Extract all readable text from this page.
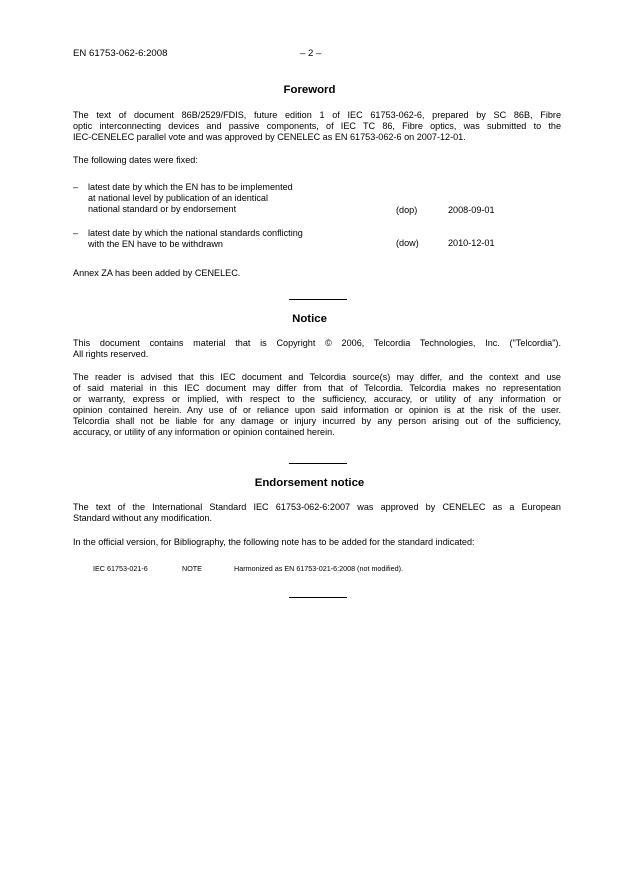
EN 61753-062-6:2008	– 2 –
Foreword
The text of document 86B/2529/FDIS, future edition 1 of IEC 61753-062-6, prepared by SC 86B, Fibre
optic interconnecting devices and passive components, of IEC TC 86, Fibre optics, was submitted to the
IEC-CENELEC parallel vote and was approved by CENELEC as EN 61753-062-6 on 2007-12-01.
The following dates were fixed:
– latest date by which the EN has to be implemented
at national level by publication of an identical
national standard or by endorsement	(dop)	2008-09-01
– latest date by which the national standards conflicting
with the EN have to be withdrawn	(dow)	2010-12-01
Annex ZA has been added by CENELEC.
Notice
This document contains material that is Copyright © 2006, Telcordia Technologies, Inc. ("Telcordia").
All rights reserved.
The reader is advised that this IEC document and Telcordia source(s) may differ, and the context and use
of said material in this IEC document may differ from that of Telcordia. Telcordia makes no representation
or warranty, express or implied, with respect to the sufficiency, accuracy, or utility of any information or
opinion contained herein. Any use of or reliance upon said information or opinion is at the risk of the user.
Telcordia shall not be liable for any damage or injury incurred by any person arising out of the sufficiency,
accuracy, or utility of any information or opinion contained herein.
Endorsement notice
The text of the International Standard IEC 61753-062-6:2007 was approved by CENELEC as a European
Standard without any modification.
In the official version, for Bibliography, the following note has to be added for the standard indicated:
IEC 61753-021-6	NOTE	Harmonized as EN 61753-021-6:2008 (not modified).
